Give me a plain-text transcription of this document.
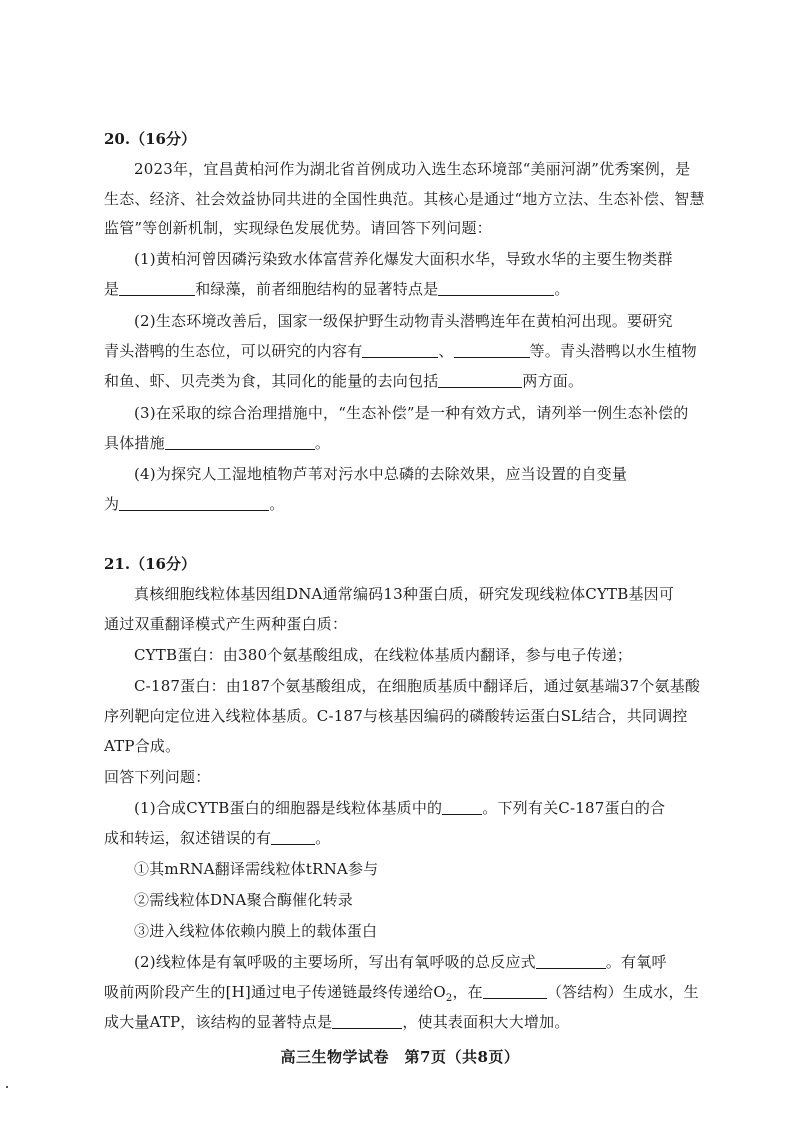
20.（16分）
2023年，宜昌黄柏河作为湖北省首例成功入选生态环境部“美丽河湖”优秀案例，是
生态、经济、社会效益协同共进的全国性典范。其核心是通过“地方立法、生态补偿、智慧
监管”等创新机制，实现绿色发展优势。请回答下列问题：
(1)黄柏河曾因磷污染致水体富营养化爆发大面积水华，导致水华的主要生物类群
是	和绿藻，前者细胞结构的显著特点是	。
(2)生态环境改善后，国家一级保护野生动物青头潜鸭连年在黄柏河出现。要研究
青头潜鸭的生态位，可以研究的内容有	、	等。青头潜鸭以水生植物
和鱼、虾、贝壳类为食，其同化的能量的去向包括	两方面。
(3)在采取的综合治理措施中，“生态补偿”是一种有效方式，请列举一例生态补偿的
具体措施	。
(4)为探究人工湿地植物芦苇对污水中总磷的去除效果，应当设置的自变量
为	。
21.（16分）
真核细胞线粒体基因组DNA通常编码13种蛋白质，研究发现线粒体CYTB基因可
通过双重翻译模式产生两种蛋白质：
CYTB蛋白：由380个氨基酸组成，在线粒体基质内翻译，参与电子传递；
C-187蛋白：由187个氨基酸组成，在细胞质基质中翻译后，通过氨基端37个氨基酸
序列靶向定位进入线粒体基质。C-187与核基因编码的磷酸转运蛋白SL结合，共同调控
ATP合成。
回答下列问题：
(1)合成CYTB蛋白的细胞器是线粒体基质中的	。下列有关C-187蛋白的合
成和转运，叙述错误的有	。
①其mRNA翻译需线粒体tRNA参与
②需线粒体DNA聚合酶催化转录
③进入线粒体依赖内膜上的载体蛋白
(2)线粒体是有氧呼吸的主要场所，写出有氧呼吸的总反应式	。有氧呼
吸前两阶段产生的[H]通过电子传递链最终传递给$O_2$，在	（答结构）生成水，生
成大量ATP，该结构的显著特点是	，使其表面积大大增加。
高三生物学试卷　第7页（共8页）
